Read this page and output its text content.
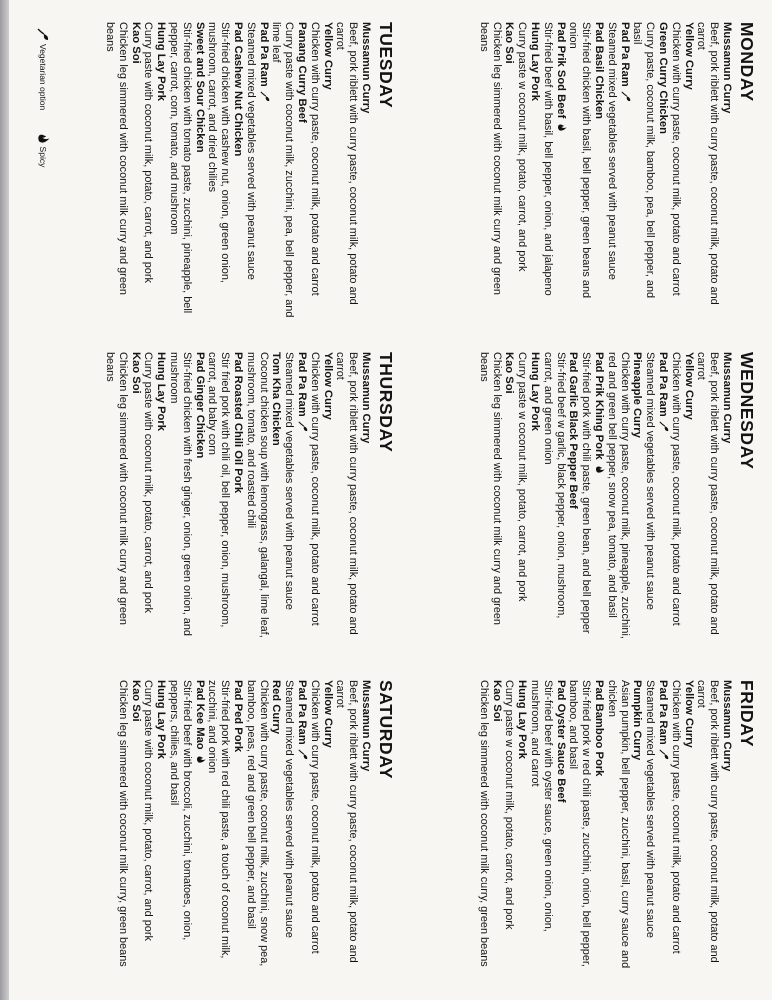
MONDAY
Mussamun Curry
Beef, pork riblett with curry paste, coconut milk, potato and carrot
Yellow Curry
Chicken with curry paste, coconut milk, potato and carrot
Green Curry Chicken
Curry paste, coconut milk, bamboo, pea, bell pepper, and basil
Pad Pa Ram
Steamed mixed vegetables served with peanut sauce
Pad Basil Chicken
Stir-fried chicken with basil, bell pepper, green beans and onion
Pad Prik Sod Beef
Stir-fried beef with basil, bell pepper, onion, and jalapeno
Hung Lay Pork
Curry paste w coconut milk, potato, carrot, and pork
Kao Soi
Chicken leg simmered with coconut milk curry and green beans
TUESDAY
Mussamun Curry
Beef, pork riblett with curry paste, coconut milk, potato and carrot
Yellow Curry
Chicken with curry paste, coconut milk, potato and carrot
Panang Curry Beef
Curry paste with coconut milk, zucchini, pea, bell pepper, and lime leaf
Pad Pa Ram
Steamed mixed vegetables served with peanut sauce
Pad Cashew Nut Chicken
Stir-fried chicken with cashew nut, onion, green onion, mushroom, carrot, and dried chilies
Sweet and Sour Chicken
Stir-fried chicken with tomato paste, zucchini, pineapple, bell pepper, carrot, corn, tomato, and mushroom
Hung Lay Pork
Curry paste with coconut milk, potato, carrot, and pork
Kao Soi
Chicken leg simmered with coconut milk curry and green beans
WEDNESDAY
Mussamun Curry
Beef, pork riblett with curry paste, coconut milk, potato and carrot
Yellow Curry
Chicken with curry paste, coconut milk, potato and carrot
Pad Pa Ram
Steamed mixed vegetables served with peanut sauce
Pineapple Curry
Chicken with curry paste, coconut milk, pineapple, zucchini, red and green bell pepper, snow pea, tomato, and basil
Pad Prik Khing Pork
Stir-fried pork with chili paste, green bean, and bell pepper
Pad Garlic Black Pepper Beef
Stir-fried beef w garlic, black pepper, onion, mushroom, carrot, and green onion
Hung Lay Pork
Curry paste w coconut milk, potato, carrot, and pork
Kao Soi
Chicken leg simmered with coconut milk curry and green beans
THURSDAY
Mussamun Curry
Beef, pork riblett with curry paste, coconut milk, potato and carrot
Yellow Curry
Chicken with curry paste, coconut milk, potato and carrot
Pad Pa Ram
Steamed mixed vegetables served with peanut sauce
Tom Kha Chicken
Coconut chicken soup with lemongrass, galangal, lime leaf, mushroom, tomato, and roasted chili
Pad Roasted Chili Oil Pork
Stir fried pork with chili oil, bell pepper, onion, mushroom, carrot, and baby corn
Pad Ginger Chicken
Stir-fried chicken with fresh ginger, onion, green onion, and mushroom
Hung Lay Pork
Curry paste with coconut milk, potato, carrot, and pork
Kao Soi
Chicken leg simmered with coconut milk curry and green beans
FRIDAY
Mussamun Curry
Beef, pork riblett with curry paste, coconut milk, potato and carrot
Yellow Curry
Chicken with curry paste, coconut milk, potato and carrot
Pad Pa Ram
Steamed mixed vegetables served with peanut sauce
Pumpkin Curry
Asian pumpkin, bell pepper, zucchini, basil, curry sauce and chicken
Pad Bamboo Pork
Stir-fried pork w red chili paste, zucchini, onion, bell pepper, bamboo, and basil
Pad Oyster Sauce Beef
Stir-fried beef with oyster sauce, green onion, onion, mushroom, and carrot
Hung Lay Pork
Curry paste w coconut milk, potato, carrot, and pork
Kao Soi
Chicken leg simmered with coconut milk curry, green beans
SATURDAY
Mussamun Curry
Beef, pork riblett with curry paste, coconut milk, potato and carrot
Yellow Curry
Chicken with curry paste, coconut milk, potato and carrot
Pad Pa Ram
Steamed mixed vegetables served with peanut sauce
Red Curry
Chicken with curry paste, coconut milk, zucchini, snow pea, bamboo, peas, red and green bell pepper, and basil
Pad Ped Pork
Stir-fried pork with red chili paste, a touch of coconut milk, zucchini, and onion
Pad Kee Mao
Stir-fried beef with broccoli, zucchini, tomatoes, onion, peppers, chilies, and basil
Hung Lay Pork
Curry paste with coconut milk, potato, carrot, and pork
Kao Soi
Chicken leg simmered with coconut milk curry, green beans
Vegetarian option Spicy
